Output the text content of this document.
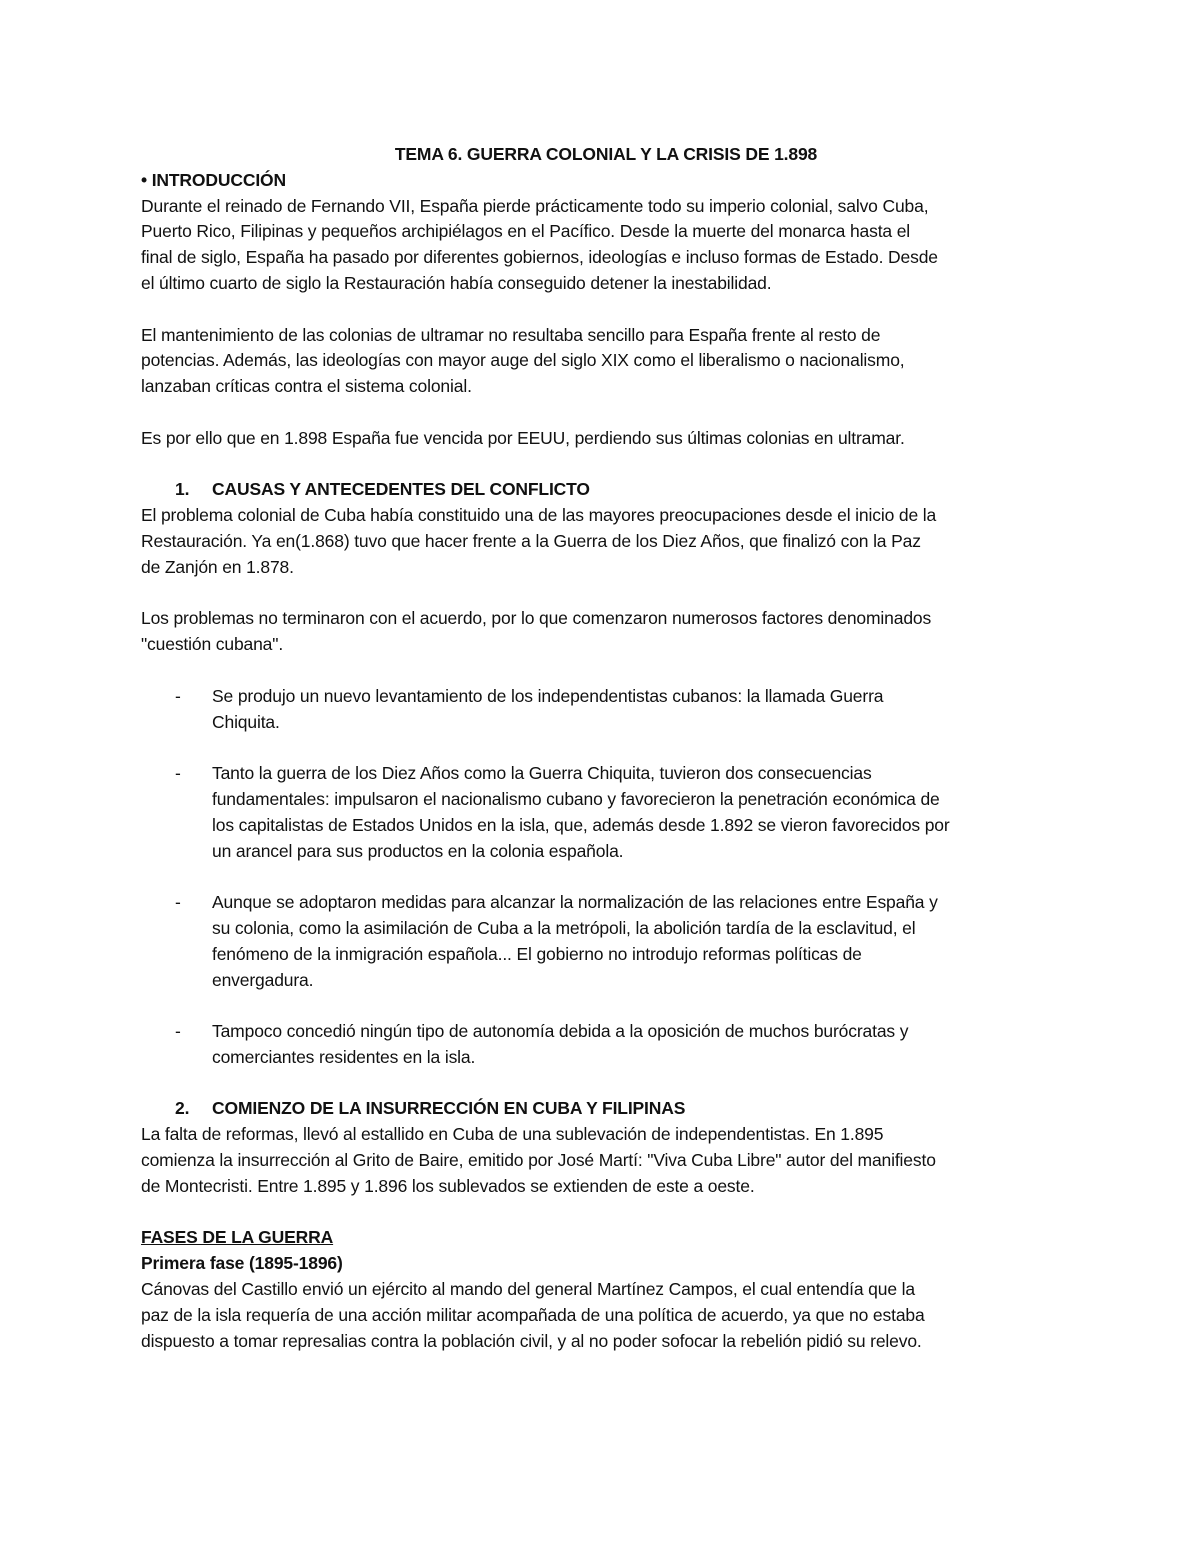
TEMA 6. GUERRA COLONIAL Y LA CRISIS DE 1.898
• INTRODUCCIÓN
Durante el reinado de Fernando VII, España pierde prácticamente todo su imperio colonial, salvo Cuba,
Puerto Rico, Filipinas y pequeños archipiélagos en el Pacífico. Desde la muerte del monarca hasta el
final de siglo, España ha pasado por diferentes gobiernos, ideologías e incluso formas de Estado. Desde
el último cuarto de siglo la Restauración había conseguido detener la inestabilidad.
El mantenimiento de las colonias de ultramar no resultaba sencillo para España frente al resto de
potencias. Además, las ideologías con mayor auge del siglo XIX como el liberalismo o nacionalismo,
lanzaban críticas contra el sistema colonial.
Es por ello que en 1.898 España fue vencida por EEUU, perdiendo sus últimas colonias en ultramar.
1. CAUSAS Y ANTECEDENTES DEL CONFLICTO
El problema colonial de Cuba había constituido una de las mayores preocupaciones desde el inicio de la
Restauración. Ya en(1.868) tuvo que hacer frente a la Guerra de los Diez Años, que finalizó con la Paz
de Zanjón en 1.878.
Los problemas no terminaron con el acuerdo, por lo que comenzaron numerosos factores denominados
"cuestión cubana".
- Se produjo un nuevo levantamiento de los independentistas cubanos: la llamada Guerra
Chiquita.
- Tanto la guerra de los Diez Años como la Guerra Chiquita, tuvieron dos consecuencias
fundamentales: impulsaron el nacionalismo cubano y favorecieron la penetración económica de
los capitalistas de Estados Unidos en la isla, que, además desde 1.892 se vieron favorecidos por
un arancel para sus productos en la colonia española.
- Aunque se adoptaron medidas para alcanzar la normalización de las relaciones entre España y
su colonia, como la asimilación de Cuba a la metrópoli, la abolición tardía de la esclavitud, el
fenómeno de la inmigración española... El gobierno no introdujo reformas políticas de
envergadura.
- Tampoco concedió ningún tipo de autonomía debida a la oposición de muchos burócratas y
comerciantes residentes en la isla.
2. COMIENZO DE LA INSURRECCIÓN EN CUBA Y FILIPINAS
La falta de reformas, llevó al estallido en Cuba de una sublevación de independentistas. En 1.895
comienza la insurrección al Grito de Baire, emitido por José Martí: "Viva Cuba Libre" autor del manifiesto
de Montecristi. Entre 1.895 y 1.896 los sublevados se extienden de este a oeste.
FASES DE LA GUERRA
Primera fase (1895-1896)
Cánovas del Castillo envió un ejército al mando del general Martínez Campos, el cual entendía que la
paz de la isla requería de una acción militar acompañada de una política de acuerdo, ya que no estaba
dispuesto a tomar represalias contra la población civil, y al no poder sofocar la rebelión pidió su relevo.
